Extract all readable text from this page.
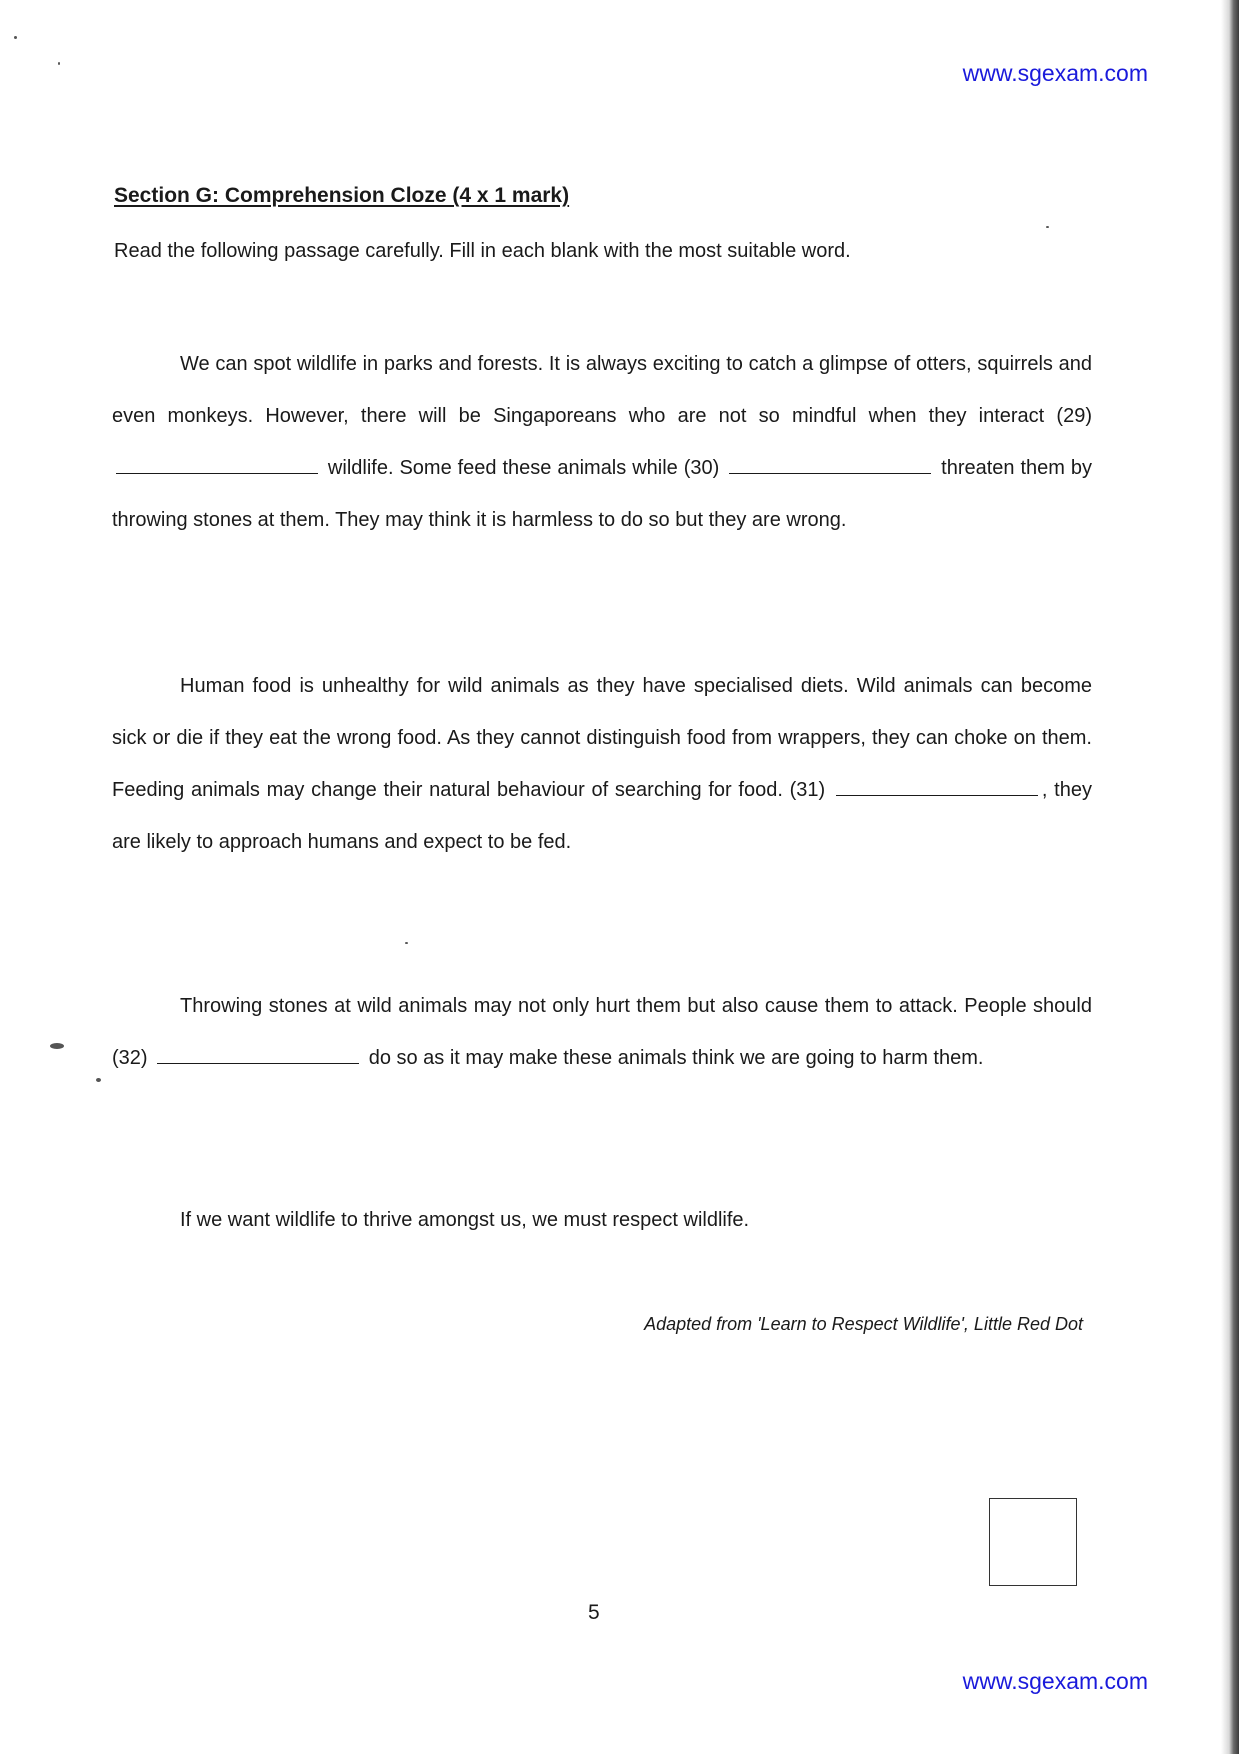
www.sgexam.com
Section G: Comprehension Cloze (4 x 1 mark)
Read the following passage carefully. Fill in each blank with the most suitable word.

We can spot wildlife in parks and forests. It is always exciting to catch a glimpse of otters, squirrels and even monkeys. However, there will be Singaporeans who are not so mindful when they interact (29)  wildlife. Some feed these animals while (30)	threaten them by throwing stones at them. They may think it is harmless to do so but they are wrong.

Human food is unhealthy for wild animals as they have specialised diets. Wild animals can become sick or die if they eat the wrong food. As they cannot distinguish food from wrappers, they can choke on them. Feeding animals may change their natural behaviour of searching for food. (31)	, they are likely to approach humans and expect to be fed.

Throwing stones at wild animals may not only hurt them but also cause them to attack. People should (32)	do so as it may make these animals think we are going to harm them.

If we want wildlife to thrive amongst us, we must respect wildlife.

Adapted from 'Learn to Respect Wildlife', Little Red Dot
5
www.sgexam.com
